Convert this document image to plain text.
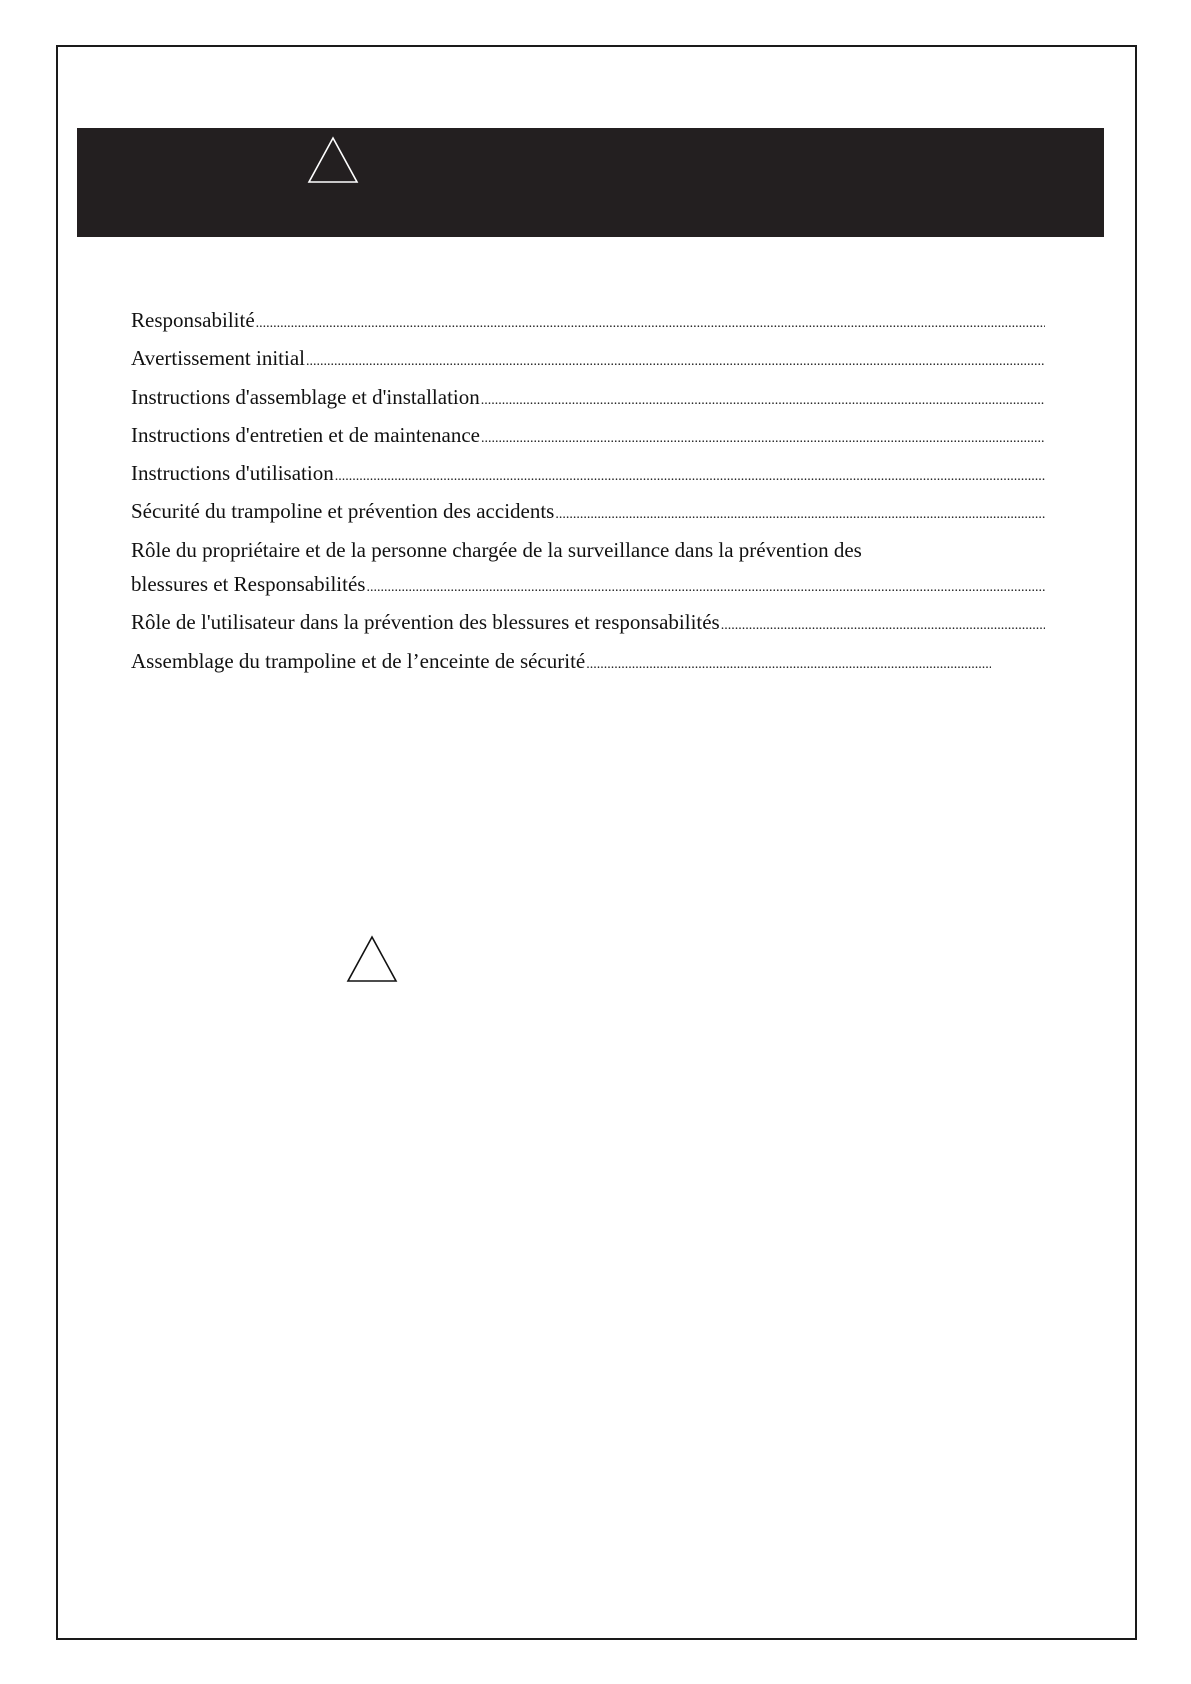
Responsabilité
.....
Avertissement initial
.....
Instructions d'assemblage et d'installation
.....
Instructions d'entretien et de maintenance
.....
Instructions d'utilisation
.....
Sécurité du trampoline et prévention des accidents
.....
Rôle du propriétaire et de la personne chargée de la surveillance dans la prévention des
blessures et Responsabilités
.....
Rôle de l'utilisateur dans la prévention des blessures et responsabilités
.....
Assemblage du trampoline et de l’enceinte de sécurité
.....
